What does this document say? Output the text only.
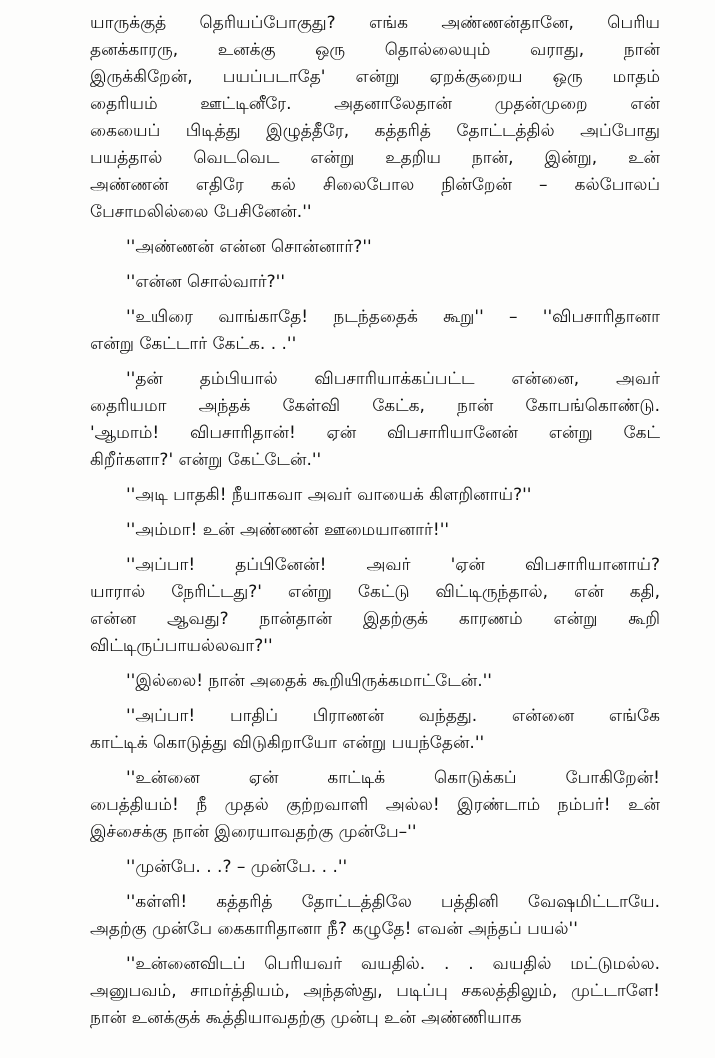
யாருக்குத் தெரியப்போகுது? எங்க அண்ணன்தானே, பெரிய
தனக்காரரு, உனக்கு ஒரு தொல்லையும் வராது, நான்
இருக்கிறேன், பயப்படாதே' என்று ஏறக்குறைய ஒரு மாதம்
தைரியம் ஊட்டினீரே. அதனாலேதான் முதன்முறை என்
கையைப் பிடித்து இழுத்தீரே, கத்தரித் தோட்டத்தில் அப்போது
பயத்தால் வெடவெட என்று உதறிய நான், இன்று, உன்
அண்ணன் எதிரே கல் சிலைபோல நின்றேன் – கல்போலப்
பேசாமலில்லை பேசினேன்.''
''அண்ணன் என்ன சொன்னார்?''
''என்ன சொல்வார்?''
''உயிரை வாங்காதே! நடந்ததைக் கூறு'' – ''விபசாரிதானா
என்று கேட்டார் கேட்க. . .''
''தன் தம்பியால் விபசாரியாக்கப்பட்ட என்னை, அவர்
தைரியமா அந்தக் கேள்வி கேட்க, நான் கோபங்கொண்டு.
'ஆமாம்! விபசாரிதான்! ஏன் விபசாரியானேன் என்று கேட்
கிறீர்களா?' என்று கேட்டேன்.''
''அடி பாதகி! நீயாகவா அவர் வாயைக் கிளறினாய்?''
''அம்மா! உன் அண்ணன் ஊமையானார்!''
''அப்பா! தப்பினேன்! அவர் 'ஏன் விபசாரியானாய்?
யாரால் நேரிட்டது?' என்று கேட்டு விட்டிருந்தால், என் கதி,
என்ன ஆவது? நான்தான் இதற்குக் காரணம் என்று கூறி
விட்டிருப்பாயல்லவா?''
''இல்லை! நான் அதைக் கூறியிருக்கமாட்டேன்.''
''அப்பா! பாதிப் பிராணன் வந்தது. என்னை எங்கே
காட்டிக் கொடுத்து விடுகிறாயோ என்று பயந்தேன்.''
''உன்னை ஏன் காட்டிக் கொடுக்கப் போகிறேன்!
பைத்தியம்! நீ முதல் குற்றவாளி அல்ல! இரண்டாம் நம்பர்! உன்
இச்சைக்கு நான் இரையாவதற்கு முன்பே–''
''முன்பே. . .? – முன்பே. . .''
''கள்ளி! கத்தரித் தோட்டத்திலே பத்தினி வேஷமிட்டாயே.
அதற்கு முன்பே கைகாரிதானா நீ? கழுதே! எவன் அந்தப் பயல்''
''உன்னைவிடப் பெரியவர் வயதில். . . வயதில் மட்டுமல்ல.
அனுபவம், சாமர்த்தியம், அந்தஸ்து, படிப்பு சகலத்திலும், முட்டாளே!
நான் உனக்குக் கூத்தியாவதற்கு முன்பு உன் அண்ணியாக
